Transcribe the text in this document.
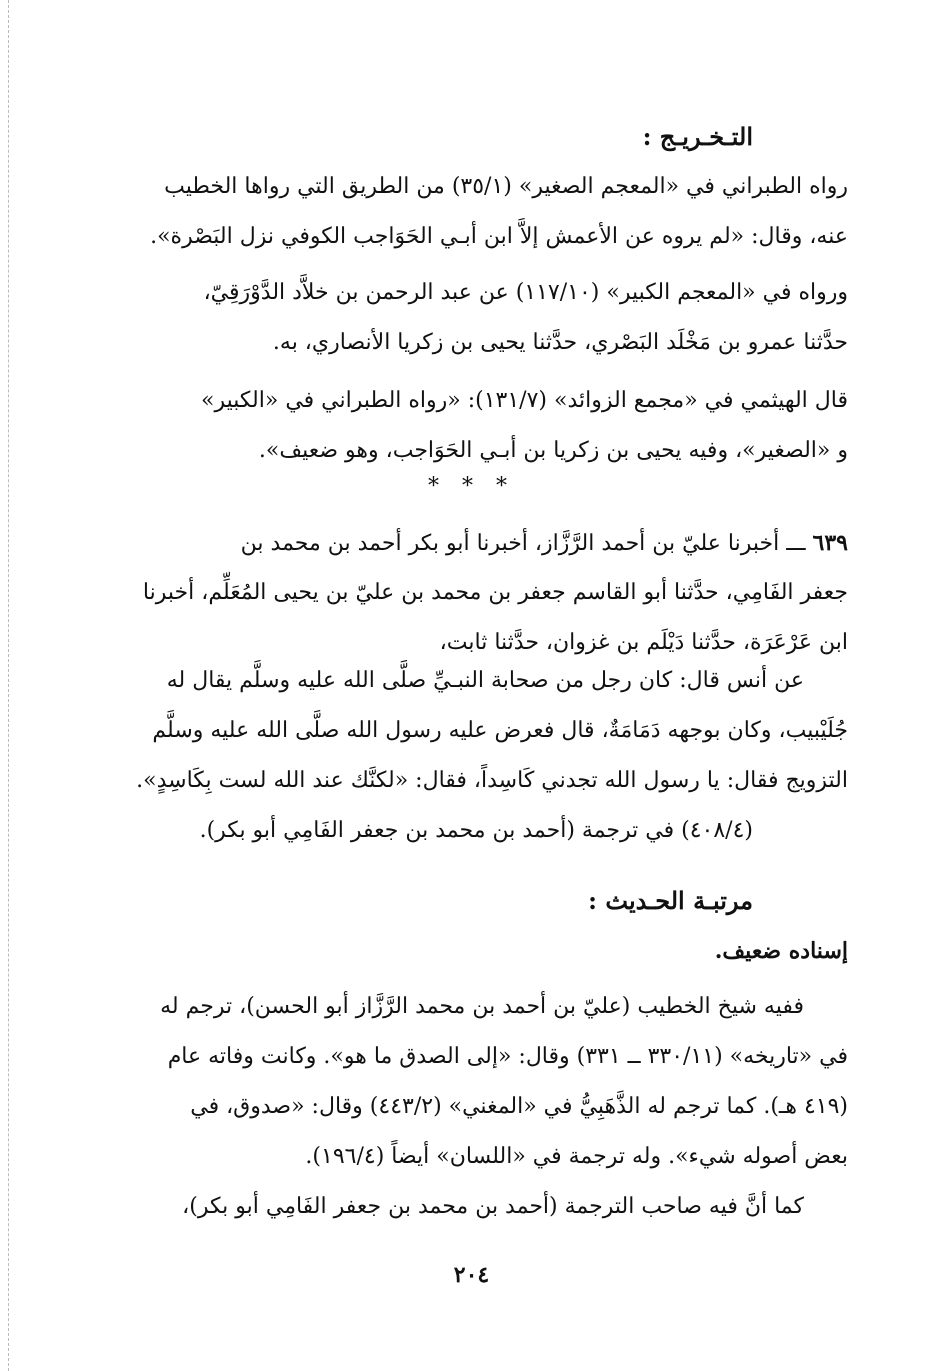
التـخـريـج :
رواه الطبراني في «المعجم الصغير» (٣٥/١) من الطريق التي رواها الخطيب
عنه، وقال: «لم يروه عن الأعمش إلاَّ ابن أبـي الحَوَاجب الكوفي نزل البَصْرة».
ورواه في «المعجم الكبير» (١١٧/١٠) عن عبد الرحمن بن خلاَّد الدَّوْرَقِيّ،
حدَّثنا عمرو بن مَخْلَد البَصْري، حدَّثنا يحيى بن زكريا الأنصاري، به.
قال الهيثمي في «مجمع الزوائد» (١٣١/٧): «رواه الطبراني في «الكبير»
و «الصغير»، وفيه يحيى بن زكريا بن أبـي الحَوَاجب، وهو ضعيف».
* * *
٦٣٩ ـــ أخبرنا عليّ بن أحمد الرَّزَّاز، أخبرنا أبو بكر أحمد بن محمد بن
جعفر الفَامِي، حدَّثنا أبو القاسم جعفر بن محمد بن عليّ بن يحيى المُعَلِّم، أخبرنا
ابن عَرْعَرَة، حدَّثنا دَيْلَم بن غزوان، حدَّثنا ثابت،
عن أنس قال: كان رجل من صحابة النبـيِّ صلَّى الله عليه وسلَّم يقال له
جُلَيْبيب، وكان بوجهه دَمَامَةٌ، قال فعرض عليه رسول الله صلَّى الله عليه وسلَّم
التزويج فقال: يا رسول الله تجدني كَاسِداً، فقال: «لكنَّك عند الله لست بِكَاسِدٍ».
(٤٠٨/٤) في ترجمة (أحمد بن محمد بن جعفر الفَامِي أبو بكر).
مرتبـة الحـديث :
إسناده ضعيف.
ففيه شيخ الخطيب (عليّ بن أحمد بن محمد الرَّزَّاز أبو الحسن)، ترجم له
في «تاريخه» (٣٣٠/١١ ــ ٣٣١) وقال: «إلى الصدق ما هو». وكانت وفاته عام
(٤١٩ هـ). كما ترجم له الذَّهَبِيُّ في «المغني» (٤٤٣/٢) وقال: «صدوق، في
بعض أصوله شيء». وله ترجمة في «اللسان» أيضاً (١٩٦/٤).
كما أنَّ فيه صاحب الترجمة (أحمد بن محمد بن جعفر الفَامِي أبو بكر)،
٢٠٤
